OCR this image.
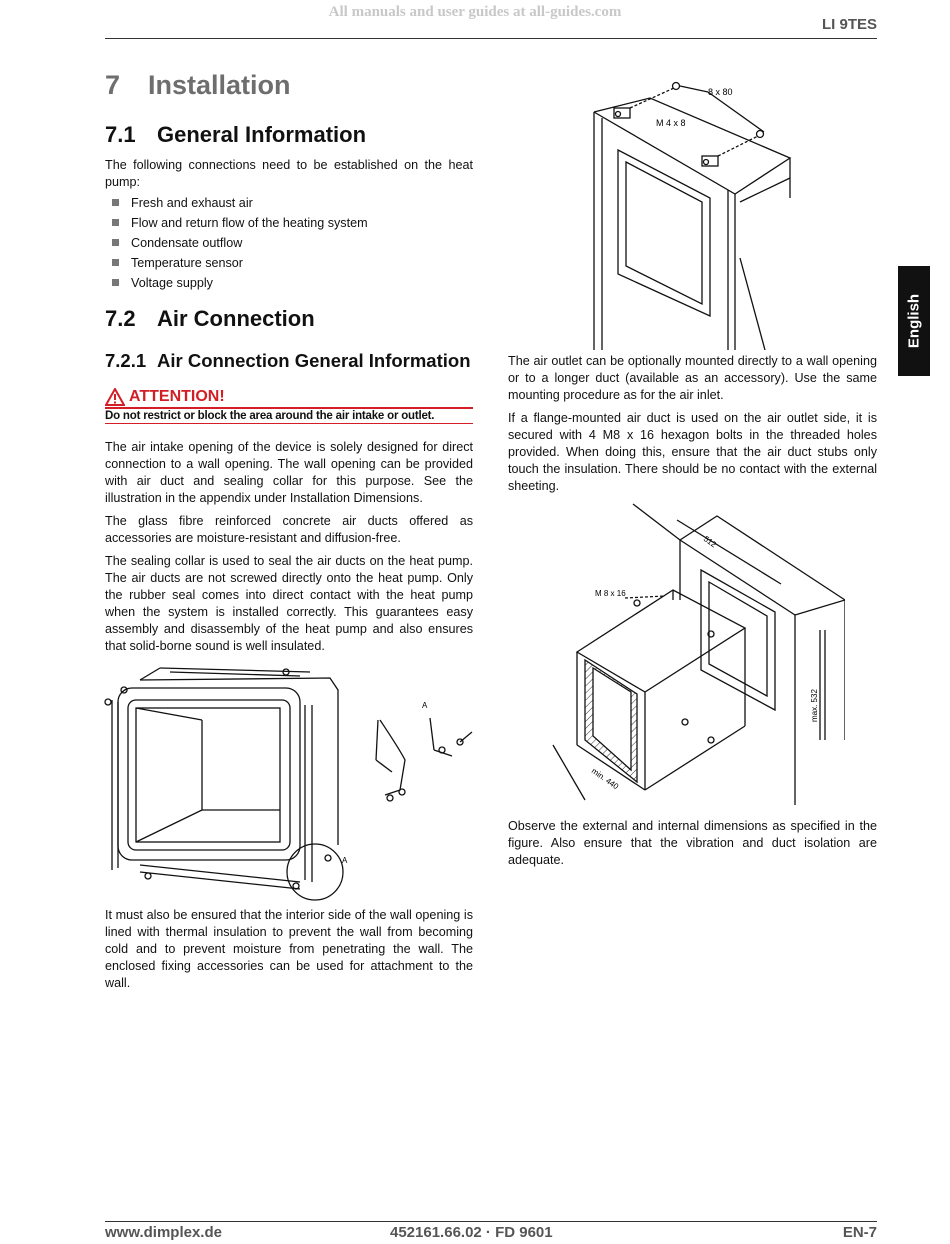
All manuals and user guides at all-guides.com
LI 9TES
English
7 Installation
7.1 General Information

The following connections need to be established on the heat pump:

Fresh and exhaust air
Flow and return flow of the heating system
Condensate outflow
Temperature sensor
Voltage supply
7.2 Air Connection
7.2.1 Air Connection General Information
ATTENTION!
Do not restrict or block the area around the air intake or outlet.

The air intake opening of the device is solely designed for direct connection to a wall opening. The wall opening can be provided with air duct and sealing collar for this purpose. See the illustration in the appendix under Installation Dimensions.

The glass fibre reinforced concrete air ducts offered as accessories are moisture-resistant and diffusion-free.

The sealing collar is used to seal the air ducts on the heat pump. The air ducts are not screwed directly onto the heat pump. Only the rubber seal comes into direct contact with the heat pump when the system is installed correctly. This guarantees easy assembly and disassembly of the heat pump and also ensures that solid-borne sound is well insulated.

A
A

It must also be ensured that the interior side of the wall opening is lined with thermal insulation to prevent the wall from becoming cold and to prevent moisture from penetrating the wall. The enclosed fixing accessories can be used for attachment to the wall.

8 x 80
M 4 x 8

The air outlet can be optionally mounted directly to a wall opening or to a longer duct (available as an accessory). Use the same mounting procedure as for the air inlet.

If a flange-mounted air duct is used on the air outlet side, it is secured with 4 M8 x 16 hexagon bolts in the threaded holes provided. When doing this, ensure that the air duct stubs only touch the insulation. There should be no contact with the external sheeting.

M 8 x 16
512
max. 532
min. 440

Observe the external and internal dimensions as specified in the figure. Also ensure that the vibration and duct isolation are adequate.

www.dimplex.de	452161.66.02 · FD 9601	EN-7
